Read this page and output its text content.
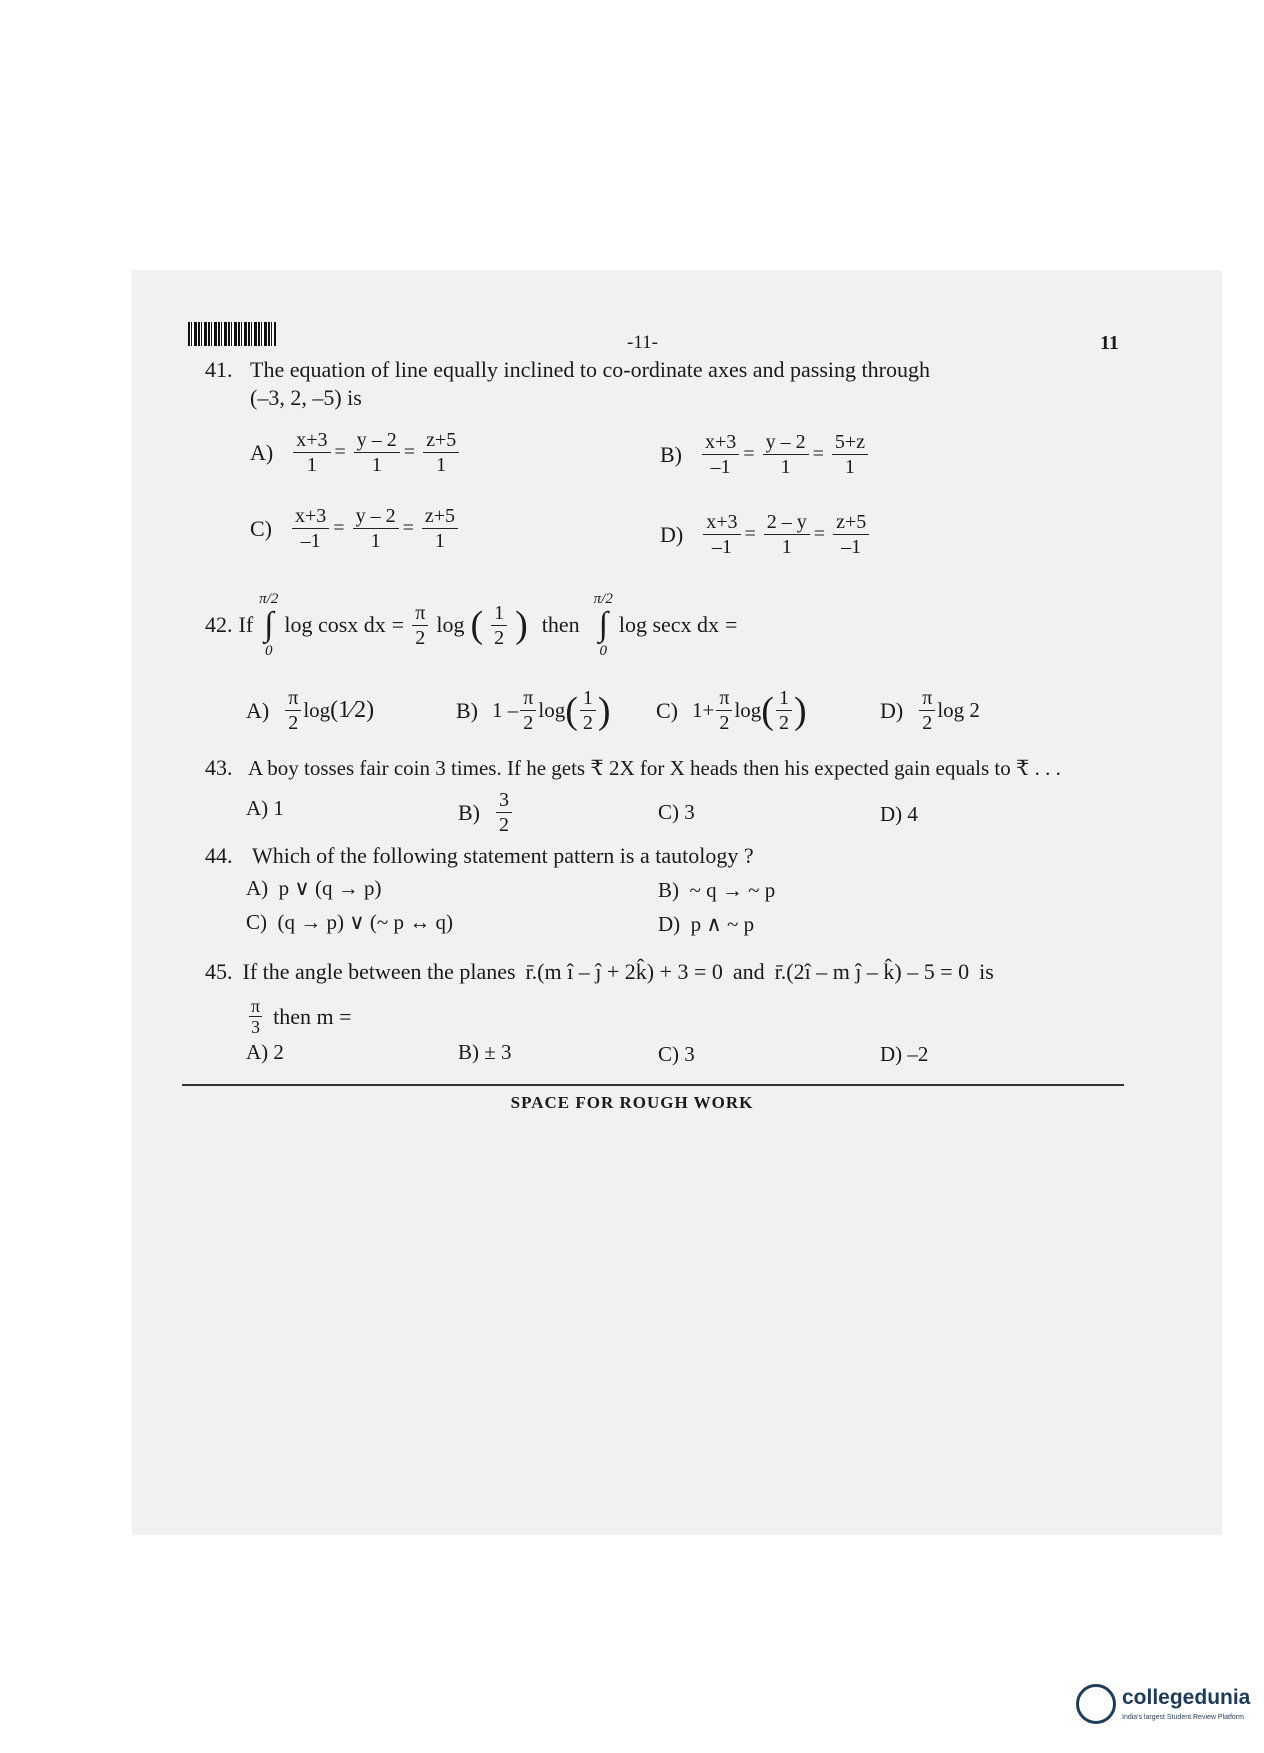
-11-	11
41. The equation of line equally inclined to co-ordinate axes and passing through
(–3, 2, –5) is
$A) \frac{x+3}{1} = \frac{y - 2}{1} = \frac{z+5}{1}$	$B) \frac{x+3}{-1} = \frac{y - 2}{1} = \frac{5+z}{1}$
$C) \frac{x+3}{-1} = \frac{y - 2}{1} = \frac{z+5}{1}$	$D) \frac{x+3}{-1} = \frac{2 - y}{1} = \frac{z+5}{-1}$
42. If
π/2
∫
0
log cosx dx = $\frac{\pi}{2}$ log ( 1
2 ) then
π/2
∫
0
log secx dx =
A) π
2
log (1⁄2)	B) 1 – π
2
log ( 1
2 ) C) $1+ \frac{\pi}{2}$ log ( 1
2 )	D) π
2
log 2
43. A boy tosses fair coin 3 times. If he gets ₹ 2X for X heads then his expected gain equals to ₹ . . .
A) 1	B) 3
2
C) 3	D) 4
44. Which of the following statement pattern is a tautology ?
A) p ∨ (q → p)	B) ~ q → ~ p
C) (q → p) ∨ (~ p ↔ q)	D) p ∧ ~ p
45. If the angle between the planes r̄.(m î – ĵ + 2k̂) + 3 = 0 and r̄.(2î – m ĵ – k̂) – 5 = 0 is
π
3 then m =
A) 2	B) ± 3	C) 3	D) –2
SPACE FOR ROUGH WORK
collegedunia
India's largest Student Review Platform
